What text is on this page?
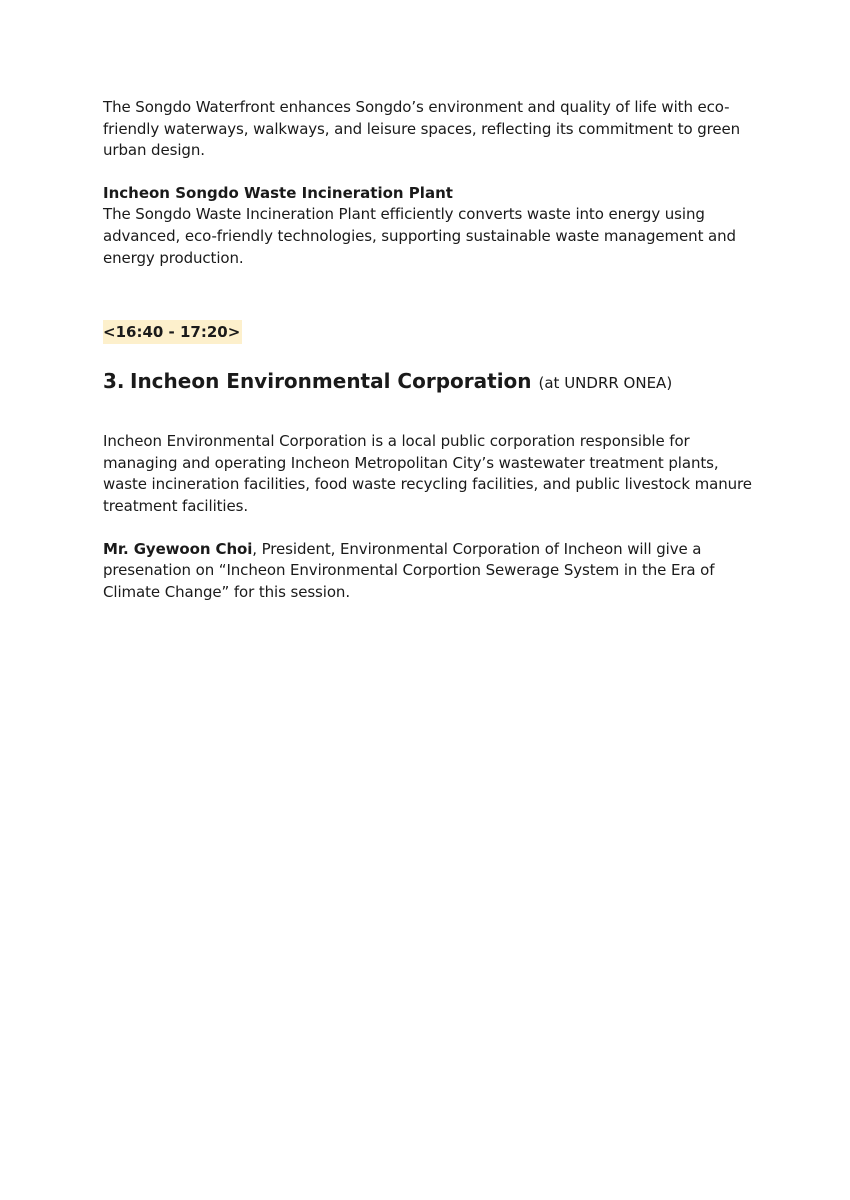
The Songdo Waterfront enhances Songdo’s environment and quality of life with eco-friendly waterways, walkways, and leisure spaces, reflecting its commitment to green urban design.

Incheon Songdo Waste Incineration Plant

The Songdo Waste Incineration Plant efficiently converts waste into energy using advanced, eco-friendly technologies, supporting sustainable waste management and energy production.

<16:40 - 17:20>
3. Incheon Environmental Corporation (at UNDRR ONEA)

Incheon Environmental Corporation is a local public corporation responsible for managing and operating Incheon Metropolitan City’s wastewater treatment plants, waste incineration facilities, food waste recycling facilities, and public livestock manure treatment facilities.

Mr. Gyewoon Choi, President, Environmental Corporation of Incheon will give a presenation on “Incheon Environmental Corportion Sewerage System in the Era of Climate Change” for this session.
